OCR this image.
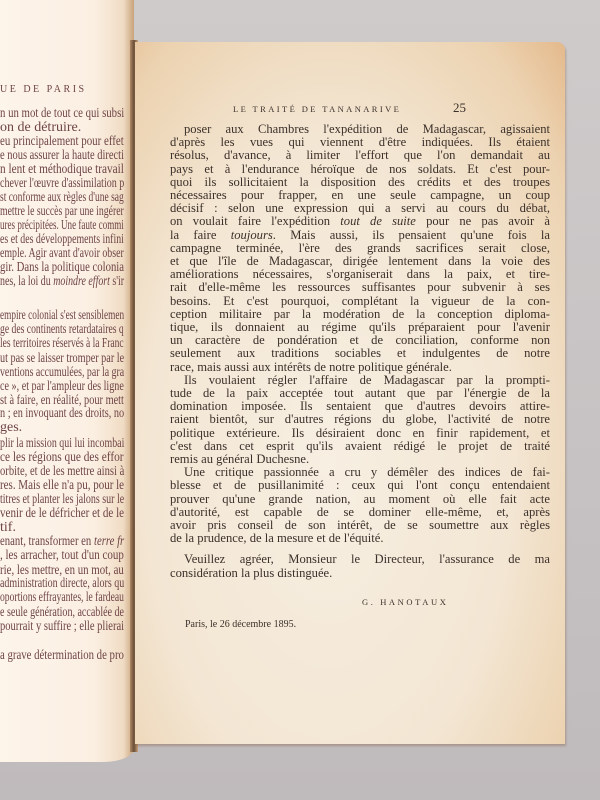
UE DE PARIS
n un mot de tout ce qui subsi
on de détruire.
eu principalement pour effet
e nous assurer la haute directi
n lent et méthodique travail
chever l'œuvre d'assimilation p
st conforme aux règles d'une sag
mettre le succès par une ingérer
ures précipitées. Une faute commi
es et des développements infini
emple. Agir avant d'avoir obser
gir. Dans la politique colonia
nes, la loi du moindre effort s'ir
empire colonial s'est sensiblemen
ge des continents retardataires q
les territoires réservés à la Franc
ut pas se laisser tromper par le
ventions accumulées, par la gra
ce », et par l'ampleur des ligne
st à faire, en réalité, pour mett
n ; en invoquant des droits, no
ges.
plir la mission qui lui incombai
ce les régions que des effor
orbite, et de les mettre ainsi à
res. Mais elle n'a pu, pour le
titres et planter les jalons sur le
venir de le défricher et de le
tif.
enant, transformer en terre fr
, les arracher, tout d'un coup
rie, les mettre, en un mot, au
administration directe, alors qu
oportions effrayantes, le fardeau
e seule génération, accablée de
pourrait y suffire ; elle plierai
a grave détermination de pro
LE TRAITÉ DE TANANARIVE	25
G. HANOTAUX
Paris, le 26 décembre 1895.
poser aux Chambres l'expédition de Madagascar, agissaient
d'après les vues qui viennent d'être indiquées. Ils étaient
résolus, d'avance, à limiter l'effort que l'on demandait au
pays et à l'endurance héroïque de nos soldats. Et c'est pour-
quoi ils sollicitaient la disposition des crédits et des troupes
nécessaires pour frapper, en une seule campagne, un coup
décisif : selon une expression qui a servi au cours du débat,
on voulait faire l'expédition tout de suite pour ne pas avoir à
la faire toujours. Mais aussi, ils pensaient qu'une fois la
campagne terminée, l'ère des grands sacrifices serait close,
et que l'île de Madagascar, dirigée lentement dans la voie des
améliorations nécessaires, s'organiserait dans la paix, et tire-
rait d'elle-même les ressources suffisantes pour subvenir à ses
besoins. Et c'est pourquoi, complétant la vigueur de la con-
ception militaire par la modération de la conception diploma-
tique, ils donnaient au régime qu'ils préparaient pour l'avenir
un caractère de pondération et de conciliation, conforme non
seulement aux traditions sociables et indulgentes de notre
race, mais aussi aux intérêts de notre politique générale.
Ils voulaient régler l'affaire de Madagascar par la prompti-
tude de la paix acceptée tout autant que par l'énergie de la
domination imposée. Ils sentaient que d'autres devoirs attire-
raient bientôt, sur d'autres régions du globe, l'activité de notre
politique extérieure. Ils désiraient donc en finir rapidement, et
c'est dans cet esprit qu'ils avaient rédigé le projet de traité
remis au général Duchesne.
Une critique passionnée a cru y démêler des indices de fai-
blesse et de pusillanimité : ceux qui l'ont conçu entendaient
prouver qu'une grande nation, au moment où elle fait acte
d'autorité, est capable de se dominer elle-même, et, après
avoir pris conseil de son intérêt, de se soumettre aux règles
de la prudence, de la mesure et de l'équité.
Veuillez agréer, Monsieur le Directeur, l'assurance de ma
considération la plus distinguée.
